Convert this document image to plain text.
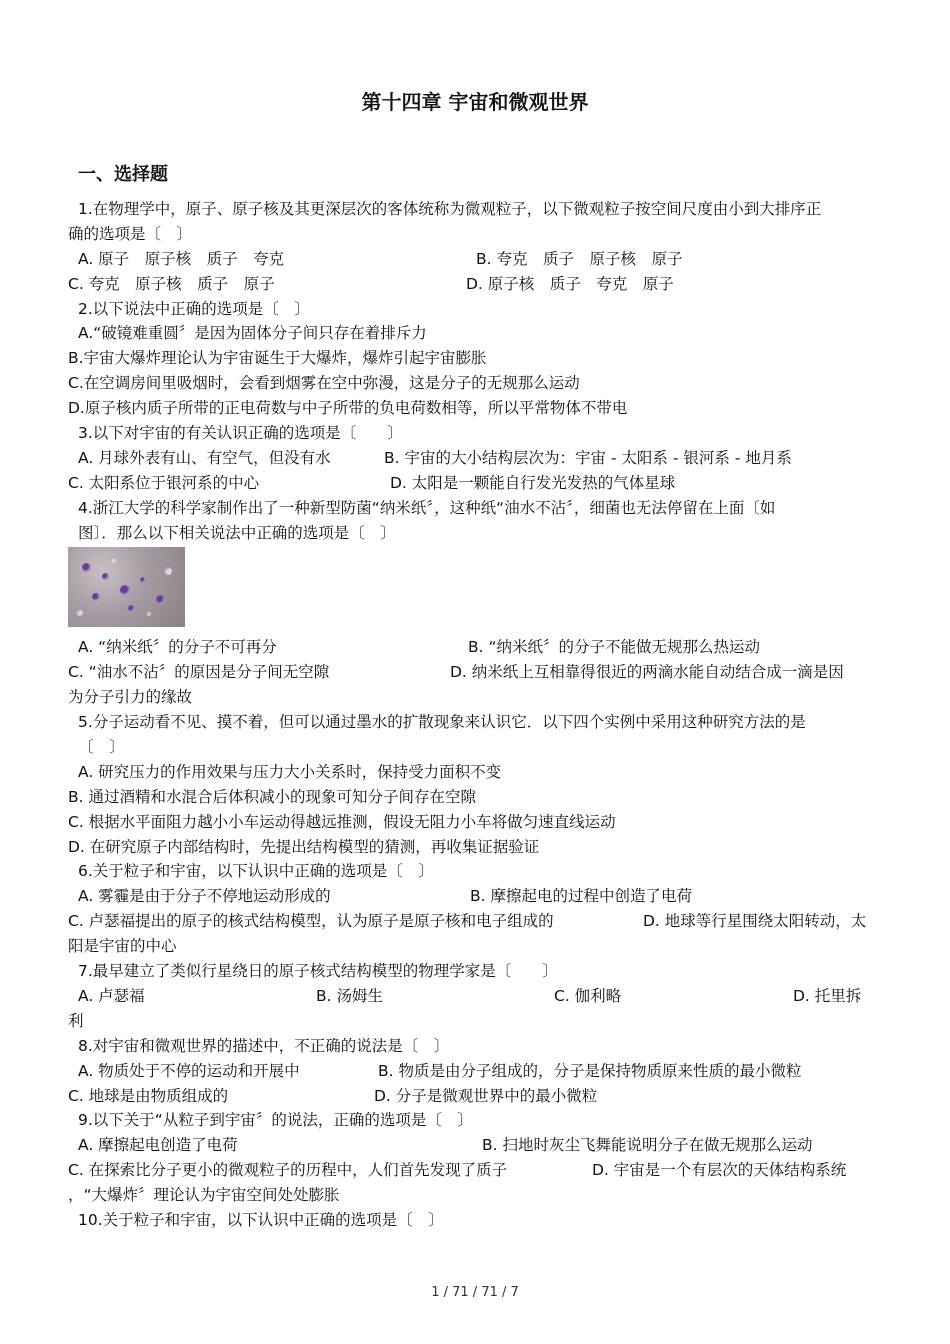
第十四章 宇宙和微观世界
一、选择题
1.在物理学中，原子、原子核及其更深层次的客体统称为微观粒子，以下微观粒子按空间尺度由小到大排序正
确的选项是〔　〕
A. 原子　原子核　质子　夸克	B. 夸克　质子　原子核　原子
C. 夸克　原子核　质子　原子	D. 原子核　质子　夸克　原子
2.以下说法中正确的选项是〔　〕
A.“破镜难重圆〞是因为固体分子间只存在着排斥力
B.宇宙大爆炸理论认为宇宙诞生于大爆炸，爆炸引起宇宙膨胀
C.在空调房间里吸烟时，会看到烟雾在空中弥漫，这是分子的无规那么运动
D.原子核内质子所带的正电荷数与中子所带的负电荷数相等，所以平常物体不带电
3.以下对宇宙的有关认识正确的选项是〔　　〕
A. 月球外表有山、有空气，但没有水	B. 宇宙的大小结构层次为：宇宙 - 太阳系 - 银河系 - 地月系
C. 太阳系位于银河系的中心	D. 太阳是一颗能自行发光发热的气体星球
4.浙江大学的科学家制作出了一种新型防菌“纳米纸〞，这种纸“油水不沾〞，细菌也无法停留在上面〔如
图〕．那么以下相关说法中正确的选项是〔　〕
A. “纳米纸〞的分子不可再分	B. “纳米纸〞的分子不能做无规那么热运动
C. “油水不沾〞的原因是分子间无空隙	D. 纳米纸上互相靠得很近的两滴水能自动结合成一滴是因
为分子引力的缘故
5.分子运动看不见、摸不着，但可以通过墨水的扩散现象来认识它．以下四个实例中采用这种研究方法的是
〔　〕
A. 研究压力的作用效果与压力大小关系时，保持受力面积不变
B. 通过酒精和水混合后体积减小的现象可知分子间存在空隙
C. 根据水平面阻力越小小车运动得越远推测，假设无阻力小车将做匀速直线运动
D. 在研究原子内部结构时，先提出结构模型的猜测，再收集证据验证
6.关于粒子和宇宙，以下认识中正确的选项是〔　〕
A. 雾霾是由于分子不停地运动形成的	B. 摩擦起电的过程中创造了电荷
C. 卢瑟福提出的原子的核式结构模型，认为原子是原子核和电子组成的	D. 地球等行星围绕太阳转动，太
阳是宇宙的中心
7.最早建立了类似行星绕日的原子核式结构模型的物理学家是〔　　〕
A. 卢瑟福	B. 汤姆生	C. 伽利略	D. 托里拆
利
8.对宇宙和微观世界的描述中，不正确的说法是〔　〕
A. 物质处于不停的运动和开展中	B. 物质是由分子组成的，分子是保持物质原来性质的最小微粒
C. 地球是由物质组成的	D. 分子是微观世界中的最小微粒
9.以下关于“从粒子到宇宙〞的说法，正确的选项是〔　〕
A. 摩擦起电创造了电荷	B. 扫地时灰尘飞舞能说明分子在做无规那么运动
C. 在探索比分子更小的微观粒子的历程中，人们首先发现了质子	D. 宇宙是一个有层次的天体结构系统
，“大爆炸〞理论认为宇宙空间处处膨胀
10.关于粒子和宇宙，以下认识中正确的选项是〔　〕
1 / 71 / 71 / 7
